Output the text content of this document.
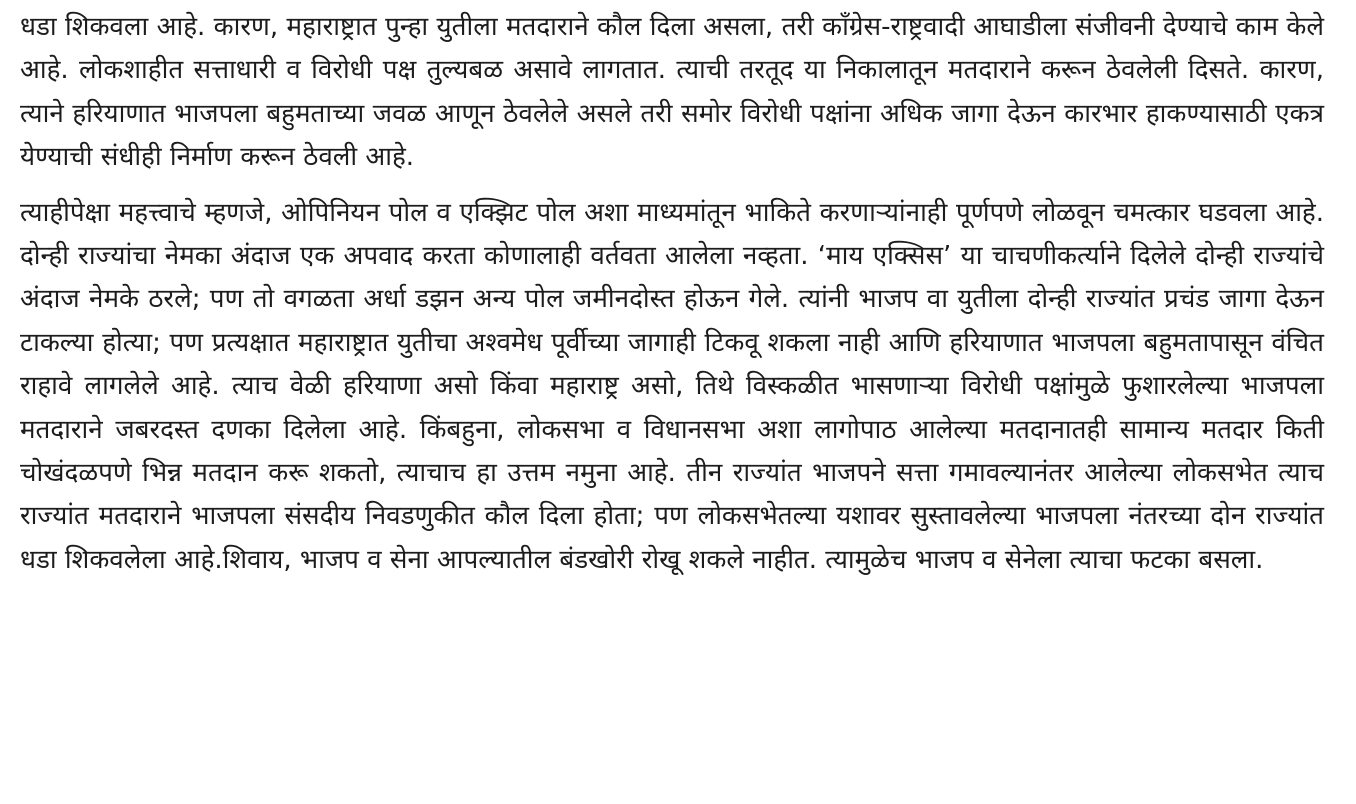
धडा शिकवला आहे. कारण, महाराष्ट्रात पुन्हा युतीला मतदाराने कौल दिला असला, तरी कॉंग्रेस-राष्ट्रवादी आघाडीला संजीवनी देण्याचे काम केले आहे. लोकशाहीत सत्ताधारी व विरोधी पक्ष तुल्यबळ असावे लागतात. त्याची तरतूद या निकालातून मतदाराने करून ठेवलेली दिसते. कारण, त्याने हरियाणात भाजपला बहुमताच्या जवळ आणून ठेवलेले असले तरी समोर विरोधी पक्षांना अधिक जागा देऊन कारभार हाकण्यासाठी एकत्र येण्याची संधीही निर्माण करून ठेवली आहे.

त्याहीपेक्षा महत्त्वाचे म्हणजे, ओपिनियन पोल व एक्झिट पोल अशा माध्यमांतून भाकिते करणाऱ्यांनाही पूर्णपणे लोळवून चमत्कार घडवला आहे. दोन्ही राज्यांचा नेमका अंदाज एक अपवाद करता कोणालाही वर्तवता आलेला नव्हता. ‘माय एक्सिस’ या चाचणीकर्त्याने दिलेले दोन्ही राज्यांचे अंदाज नेमके ठरले; पण तो वगळता अर्धा डझन अन्य पोल जमीनदोस्त होऊन गेले. त्यांनी भाजप वा युतीला दोन्ही राज्यांत प्रचंड जागा देऊन टाकल्या होत्या; पण प्रत्यक्षात महाराष्ट्रात युतीचा अश्वमेध पूर्वीच्या जागाही टिकवू शकला नाही आणि हरियाणात भाजपला बहुमतापासून वंचित राहावे लागलेले आहे. त्याच वेळी हरियाणा असो किंवा महाराष्ट्र असो, तिथे विस्कळीत भासणाऱ्या विरोधी पक्षांमुळे फुशारलेल्या भाजपला मतदाराने जबरदस्त दणका दिलेला आहे. किंबहुना, लोकसभा व विधानसभा अशा लागोपाठ आलेल्या मतदानातही सामान्य मतदार किती चोखंदळपणे भिन्न मतदान करू शकतो, त्याचाच हा उत्तम नमुना आहे. तीन राज्यांत भाजपने सत्ता गमावल्यानंतर आलेल्या लोकसभेत त्याच राज्यांत मतदाराने भाजपला संसदीय निवडणुकीत कौल दिला होता; पण लोकसभेतल्या यशावर सुस्तावलेल्या भाजपला नंतरच्या दोन राज्यांत धडा शिकवलेला आहे.शिवाय, भाजप व सेना आपल्यातील बंडखोरी रोखू शकले नाहीत. त्यामुळेच भाजप व सेनेला त्याचा फटका बसला.
